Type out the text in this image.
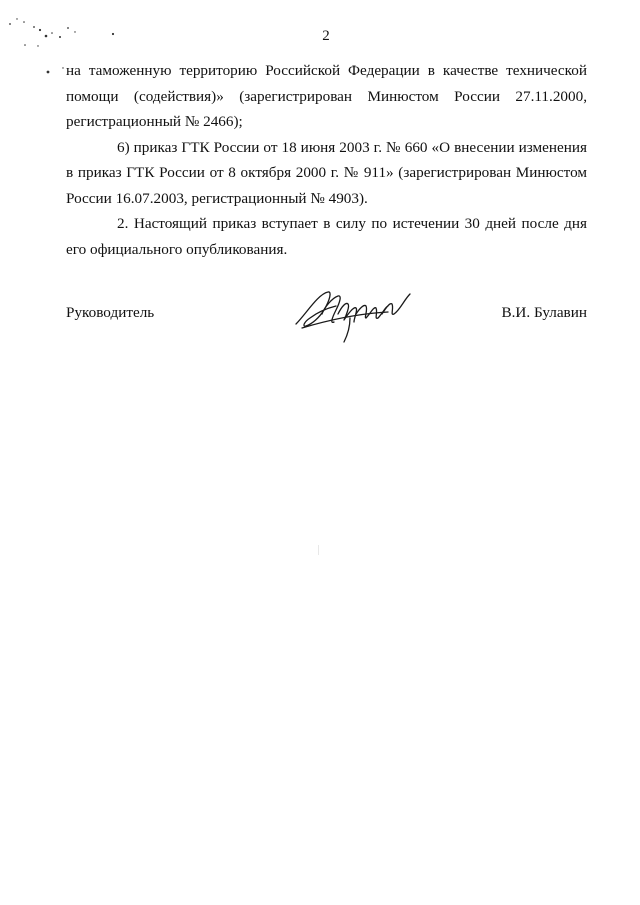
2

на таможенную территорию Российской Федерации в качестве технической помощи (содействия)» (зарегистрирован Минюстом России 27.11.2000, регистрационный № 2466);

6) приказ ГТК России от 18 июня 2003 г. № 660 «О внесении изменения в приказ ГТК России от 8 октября 2000 г. № 911» (зарегистрирован Минюстом России 16.07.2003, регистрационный № 4903).

2. Настоящий приказ вступает в силу по истечении 30 дней после дня его официального опубликования.

Руководитель	В.И. Булавин
